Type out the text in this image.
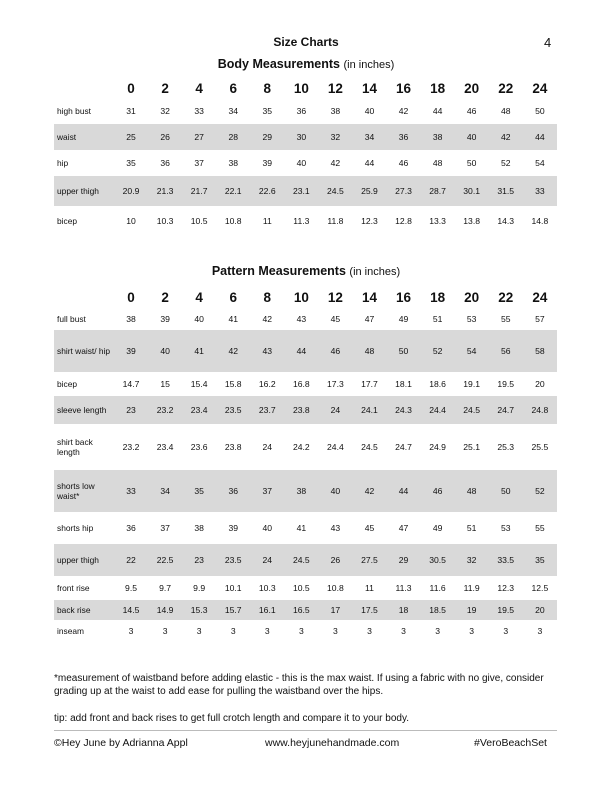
4
Size Charts
Body Measurements (in inches)
	0	2	4	6	8	10	12	14	16	18	20	22	24
high bust	31	32	33	34	35	36	38	40	42	44	46	48	50
waist	25	26	27	28	29	30	32	34	36	38	40	42	44
hip	35	36	37	38	39	40	42	44	46	48	50	52	54
upper thigh	20.9	21.3	21.7	22.1	22.6	23.1	24.5	25.9	27.3	28.7	30.1	31.5	33
bicep	10	10.3	10.5	10.8	11	11.3	11.8	12.3	12.8	13.3	13.8	14.3	14.8
Pattern Measurements (in inches)
	0	2	4	6	8	10	12	14	16	18	20	22	24
full bust	38	39	40	41	42	43	45	47	49	51	53	55	57
shirt waist/ hip	39	40	41	42	43	44	46	48	50	52	54	56	58
bicep	14.7	15	15.4	15.8	16.2	16.8	17.3	17.7	18.1	18.6	19.1	19.5	20
sleeve length	23	23.2	23.4	23.5	23.7	23.8	24	24.1	24.3	24.4	24.5	24.7	24.8
shirt back length	23.2	23.4	23.6	23.8	24	24.2	24.4	24.5	24.7	24.9	25.1	25.3	25.5
shorts low waist*	33	34	35	36	37	38	40	42	44	46	48	50	52
shorts hip	36	37	38	39	40	41	43	45	47	49	51	53	55
upper thigh	22	22.5	23	23.5	24	24.5	26	27.5	29	30.5	32	33.5	35
front rise	9.5	9.7	9.9	10.1	10.3	10.5	10.8	11	11.3	11.6	11.9	12.3	12.5
back rise	14.5	14.9	15.3	15.7	16.1	16.5	17	17.5	18	18.5	19	19.5	20
inseam	3	3	3	3	3	3	3	3	3	3	3	3	3
*measurement of waistband before adding elastic - this is the max waist. If using a fabric with no give, consider grading up at the waist to add ease for pulling the waistband over the hips.
tip: add front and back rises to get full crotch length and compare it to your body.
©Hey June by Adrianna Appl	www.heyjunehandmade.com	#VeroBeachSet
